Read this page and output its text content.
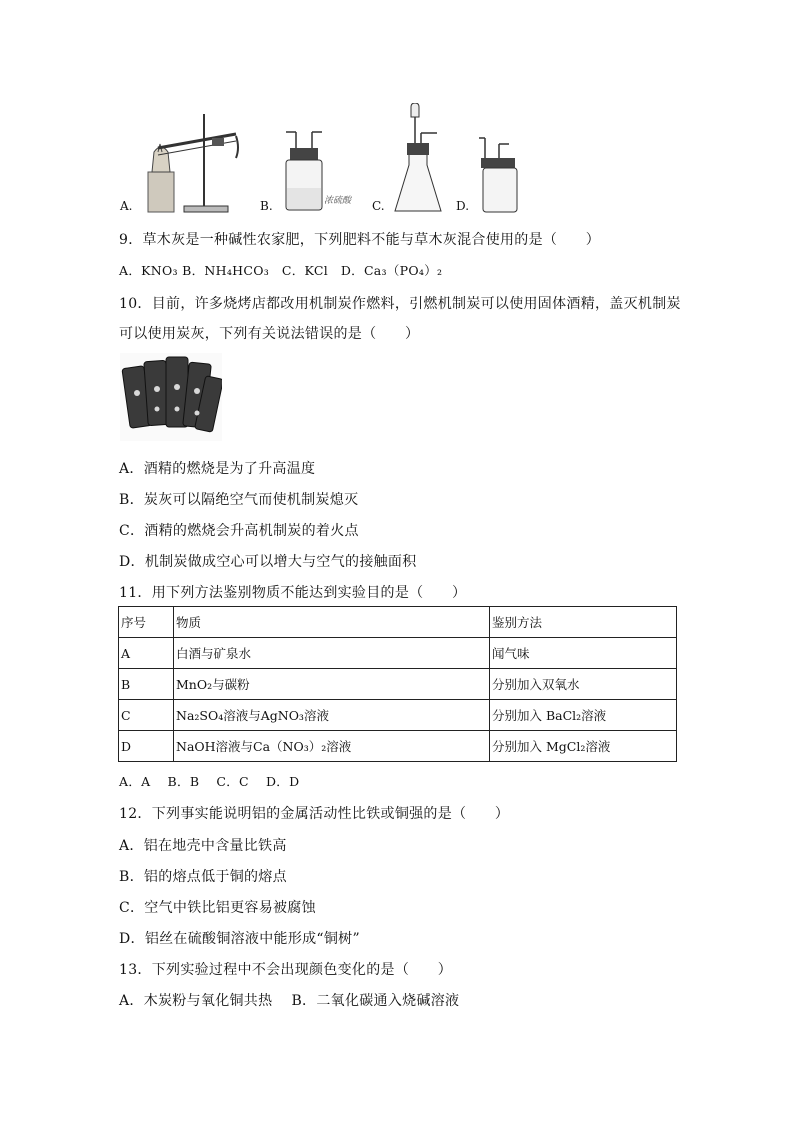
浓硫酸
A.	B.	C.	D.
9．草木灰是一种碱性农家肥，下列肥料不能与草木灰混合使用的是（　　）
A．KNO₃ B．NH₄HCO₃　C．KCl　D．Ca₃（PO₄）₂
10．目前，许多烧烤店都改用机制炭作燃料，引燃机制炭可以使用固体酒精，盖灭机制炭
可以使用炭灰，下列有关说法错误的是（　　）
A．酒精的燃烧是为了升高温度
B．炭灰可以隔绝空气而使机制炭熄灭
C．酒精的燃烧会升高机制炭的着火点
D．机制炭做成空心可以增大与空气的接触面积
11．用下列方法鉴别物质不能达到实验目的是（　　）
序号	物质	鉴别方法
A	白酒与矿泉水	闻气味
B	MnO₂与碳粉	分别加入双氧水
C	Na₂SO₄溶液与AgNO₃溶液	分别加入 BaCl₂溶液
D	NaOH溶液与Ca（NO₃）₂溶液	分别加入 MgCl₂溶液
A．A　 B．B　 C．C　 D．D
12．下列事实能说明铝的金属活动性比铁或铜强的是（　　）
A．铝在地壳中含量比铁高
B．铝的熔点低于铜的熔点
C．空气中铁比铝更容易被腐蚀
D．铝丝在硫酸铜溶液中能形成“铜树”
13．下列实验过程中不会出现颜色变化的是（　　）
A．木炭粉与氧化铜共热　 B．二氧化碳通入烧碱溶液
